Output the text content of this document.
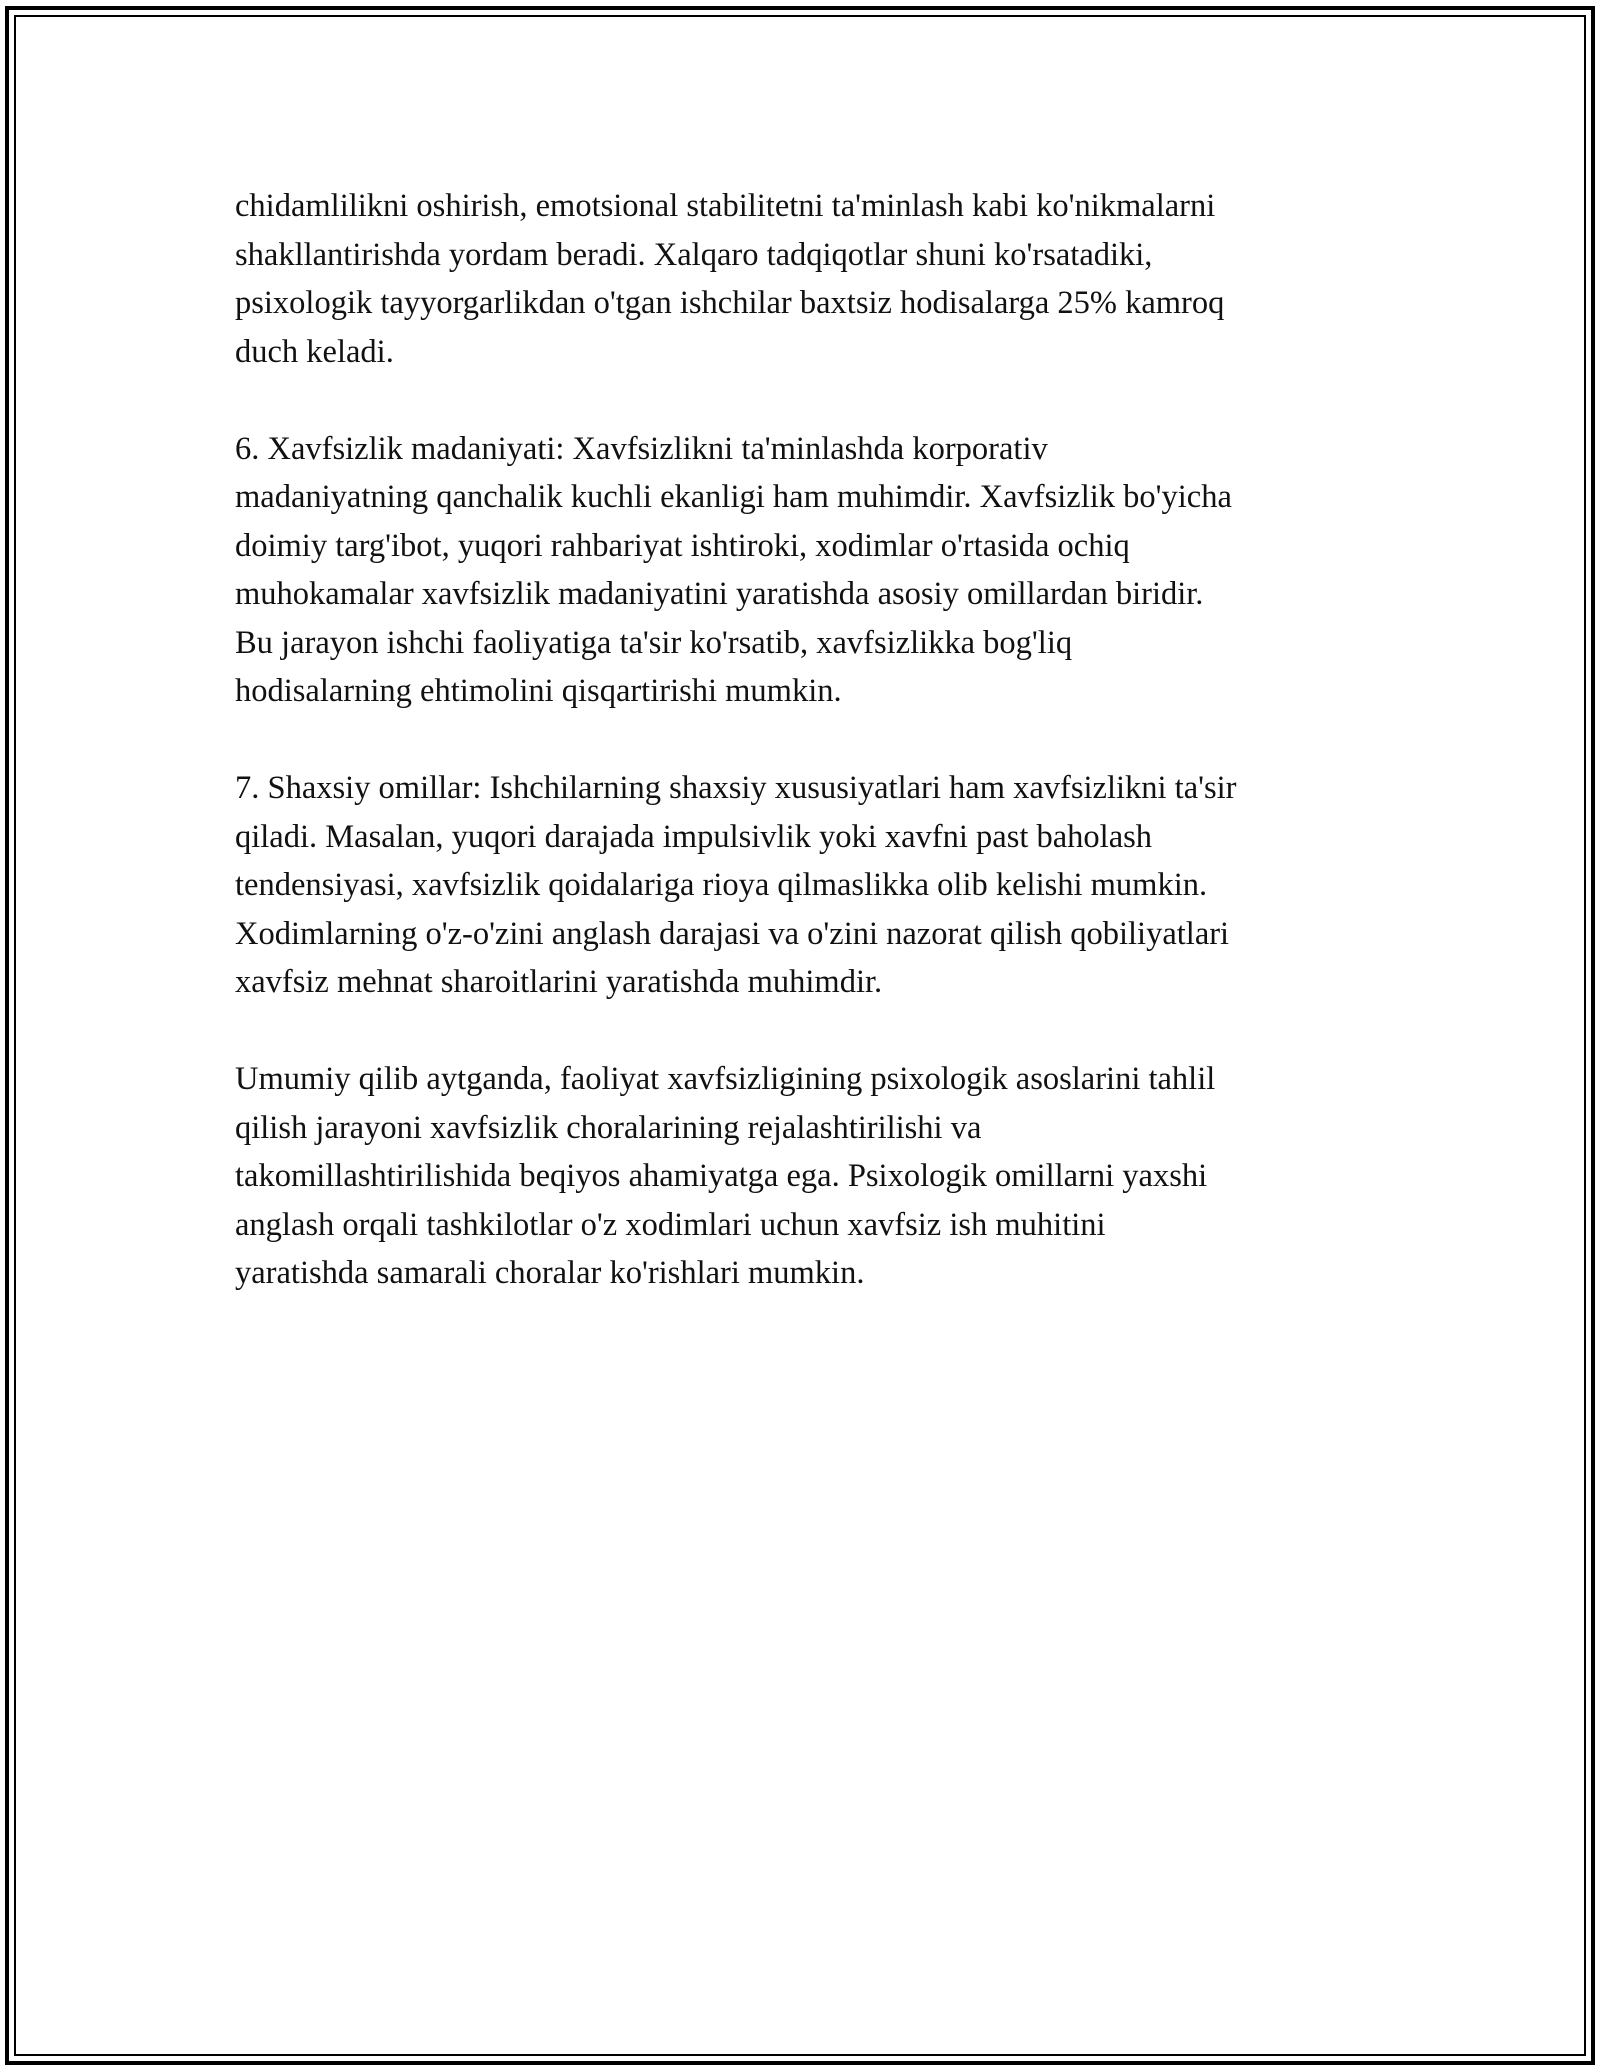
chidamlilikni oshirish, emotsional stabilitetni ta'minlash kabi ko'nikmalarni
shakllantirishda yordam beradi. Xalqaro tadqiqotlar shuni ko'rsatadiki,
psixologik tayyorgarlikdan o'tgan ishchilar baxtsiz hodisalarga 25% kamroq
duch keladi.

6. Xavfsizlik madaniyati: Xavfsizlikni ta'minlashda korporativ
madaniyatning qanchalik kuchli ekanligi ham muhimdir. Xavfsizlik bo'yicha
doimiy targ'ibot, yuqori rahbariyat ishtiroki, xodimlar o'rtasida ochiq
muhokamalar xavfsizlik madaniyatini yaratishda asosiy omillardan biridir.
Bu jarayon ishchi faoliyatiga ta'sir ko'rsatib, xavfsizlikka bog'liq
hodisalarning ehtimolini qisqartirishi mumkin.

7. Shaxsiy omillar: Ishchilarning shaxsiy xususiyatlari ham xavfsizlikni ta'sir
qiladi. Masalan, yuqori darajada impulsivlik yoki xavfni past baholash
tendensiyasi, xavfsizlik qoidalariga rioya qilmaslikka olib kelishi mumkin.
Xodimlarning o'z-o'zini anglash darajasi va o'zini nazorat qilish qobiliyatlari
xavfsiz mehnat sharoitlarini yaratishda muhimdir.

Umumiy qilib aytganda, faoliyat xavfsizligining psixologik asoslarini tahlil
qilish jarayoni xavfsizlik choralarining rejalashtirilishi va
takomillashtirilishida beqiyos ahamiyatga ega. Psixologik omillarni yaxshi
anglash orqali tashkilotlar o'z xodimlari uchun xavfsiz ish muhitini
yaratishda samarali choralar ko'rishlari mumkin.
